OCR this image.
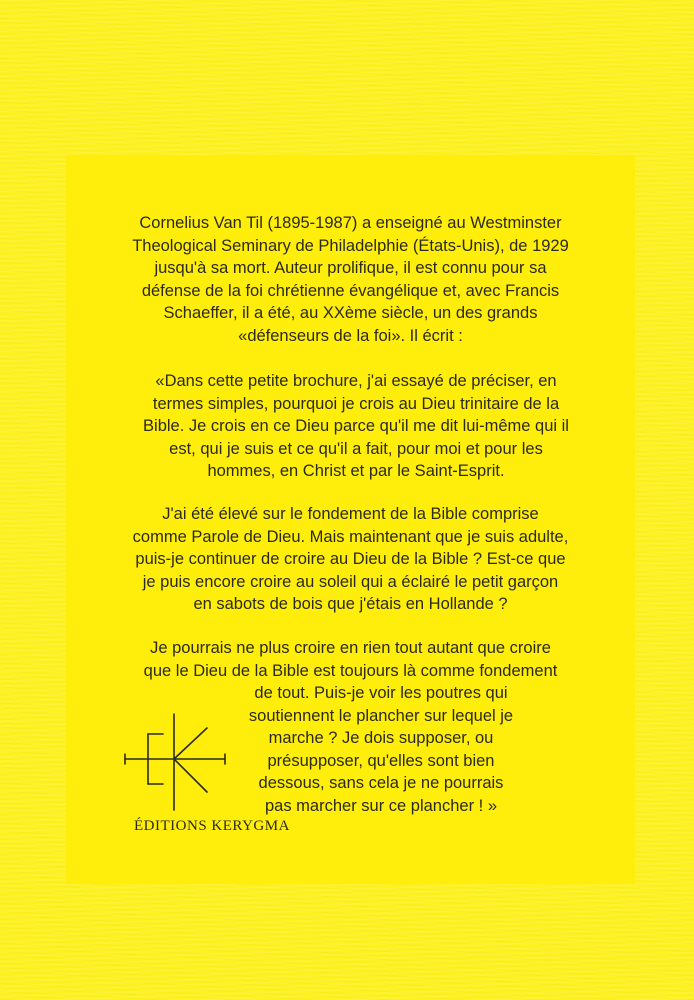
Cornelius Van Til (1895-1987) a enseigné au Westminster
Theological Seminary de Philadelphie (États-Unis), de 1929
jusqu'à sa mort. Auteur prolifique, il est connu pour sa
défense de la foi chrétienne évangélique et, avec Francis
Schaeffer, il a été, au XXème siècle, un des grands
«défenseurs de la foi». Il écrit :
«Dans cette petite brochure, j'ai essayé de préciser, en
termes simples, pourquoi je crois au Dieu trinitaire de la
Bible. Je crois en ce Dieu parce qu'il me dit lui-même qui il
est, qui je suis et ce qu'il a fait, pour moi et pour les
hommes, en Christ et par le Saint-Esprit.
J'ai été élevé sur le fondement de la Bible comprise
comme Parole de Dieu. Mais maintenant que je suis adulte,
puis-je continuer de croire au Dieu de la Bible ? Est-ce que
je puis encore croire au soleil qui a éclairé le petit garçon
en sabots de bois que j'étais en Hollande ?
Je pourrais ne plus croire en rien tout autant que croire
que le Dieu de la Bible est toujours là comme fondement
de tout. Puis-je voir les poutres qui
soutiennent le plancher sur lequel je
marche ? Je dois supposer, ou
présupposer, qu'elles sont bien
dessous, sans cela je ne pourrais
pas marcher sur ce plancher ! »
ÉDITIONS KERYGMA
